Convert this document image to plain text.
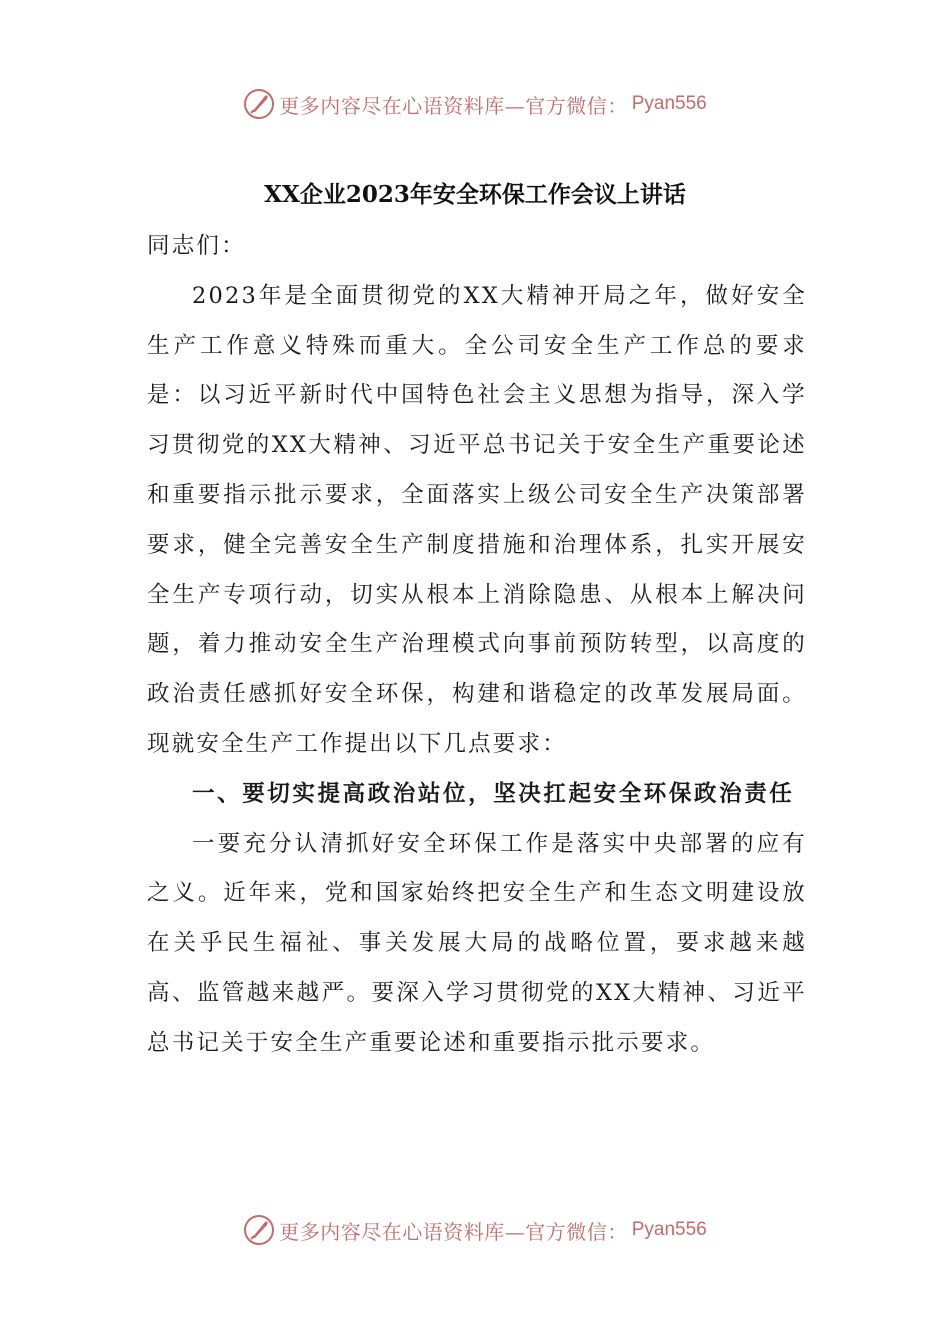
更多内容尽在心语资料库—官方微信： Pyan556
XX企业2023年安全环保工作会议上讲话

同志们：

2023年是全面贯彻党的XX大精神开局之年，做好安全生产工作意义特殊而重大。全公司安全生产工作总的要求是：以习近平新时代中国特色社会主义思想为指导，深入学习贯彻党的XX大精神、习近平总书记关于安全生产重要论述和重要指示批示要求，全面落实上级公司安全生产决策部署要求，健全完善安全生产制度措施和治理体系，扎实开展安全生产专项行动，切实从根本上消除隐患、从根本上解决问题，着力推动安全生产治理模式向事前预防转型，以高度的政治责任感抓好安全环保，构建和谐稳定的改革发展局面。现就安全生产工作提出以下几点要求：

一、要切实提高政治站位，坚决扛起安全环保政治责任

一要充分认清抓好安全环保工作是落实中央部署的应有之义。近年来，党和国家始终把安全生产和生态文明建设放在关乎民生福祉、事关发展大局的战略位置，要求越来越高、监管越来越严。要深入学习贯彻党的XX大精神、习近平总书记关于安全生产重要论述和重要指示批示要求。

更多内容尽在心语资料库—官方微信： Pyan556
